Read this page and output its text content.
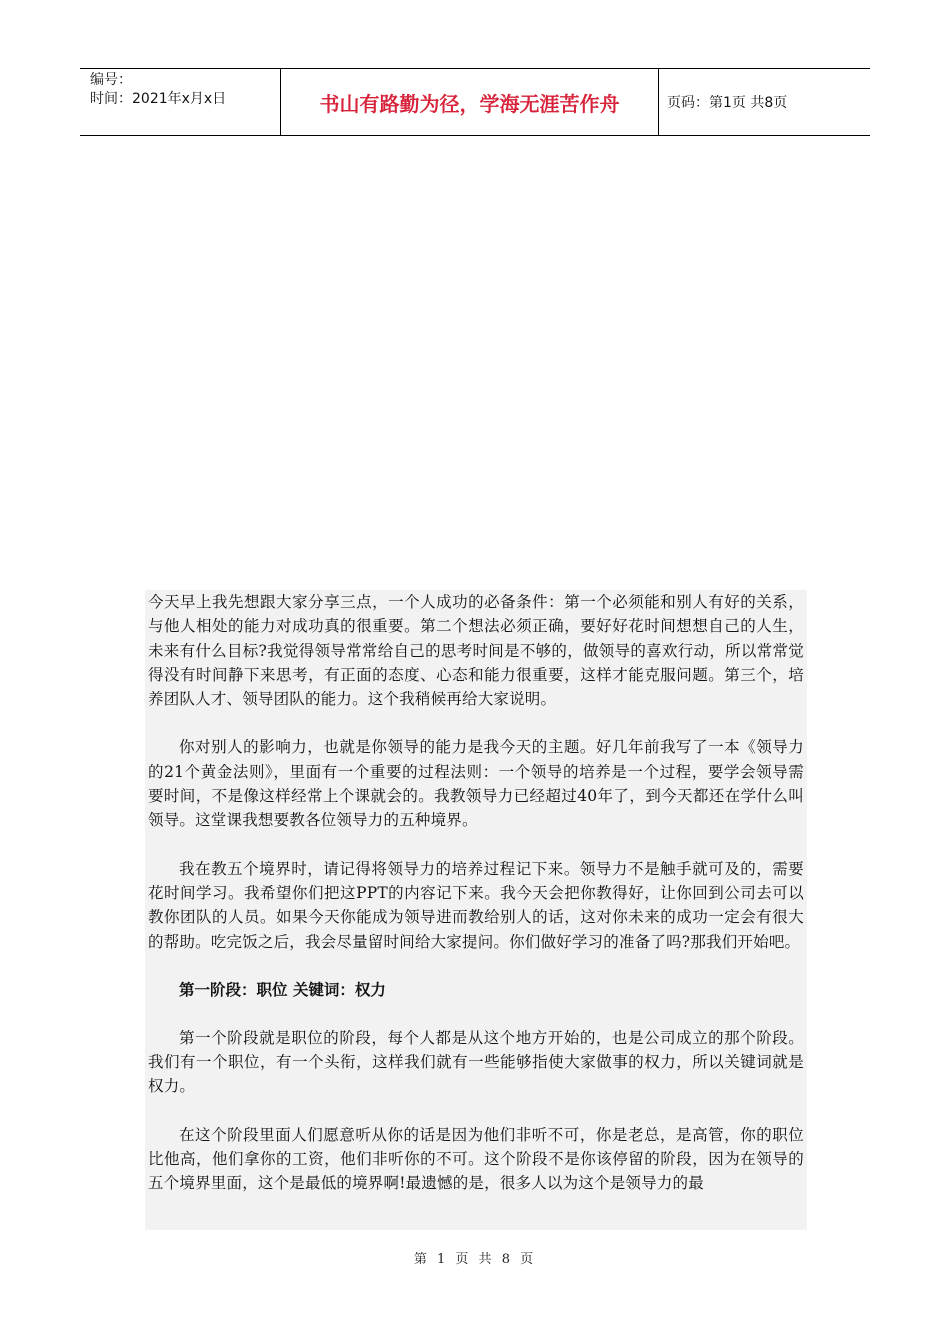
编号：
时间：2021年x月x日	书山有路勤为径，学海无涯苦作舟	页码：第1页 共8页

今天早上我先想跟大家分享三点，一个人成功的必备条件：第一个必须能和别人有好的关系，与他人相处的能力对成功真的很重要。第二个想法必须正确，要好好花时间想想自己的人生，未来有什么目标?我觉得领导常常给自己的思考时间是不够的，做领导的喜欢行动，所以常常觉得没有时间静下来思考，有正面的态度、心态和能力很重要，这样才能克服问题。第三个，培养团队人才、领导团队的能力。这个我稍候再给大家说明。

你对别人的影响力，也就是你领导的能力是我今天的主题。好几年前我写了一本《领导力的21个黄金法则》，里面有一个重要的过程法则：一个领导的培养是一个过程，要学会领导需要时间，不是像这样经常上个课就会的。我教领导力已经超过40年了，到今天都还在学什么叫领导。这堂课我想要教各位领导力的五种境界。

我在教五个境界时，请记得将领导力的培养过程记下来。领导力不是触手就可及的，需要花时间学习。我希望你们把这PPT的内容记下来。我今天会把你教得好，让你回到公司去可以教你团队的人员。如果今天你能成为领导进而教给别人的话，这对你未来的成功一定会有很大的帮助。吃完饭之后，我会尽量留时间给大家提问。你们做好学习的准备了吗?那我们开始吧。

第一阶段：职位 关键词：权力

第一个阶段就是职位的阶段，每个人都是从这个地方开始的，也是公司成立的那个阶段。我们有一个职位，有一个头衔，这样我们就有一些能够指使大家做事的权力，所以关键词就是权力。

在这个阶段里面人们愿意听从你的话是因为他们非听不可，你是老总，是高管，你的职位比他高，他们拿你的工资，他们非听你的不可。这个阶段不是你该停留的阶段，因为在领导的五个境界里面，这个是最低的境界啊!最遗憾的是，很多人以为这个是领导力的最

第 1 页 共 8 页
